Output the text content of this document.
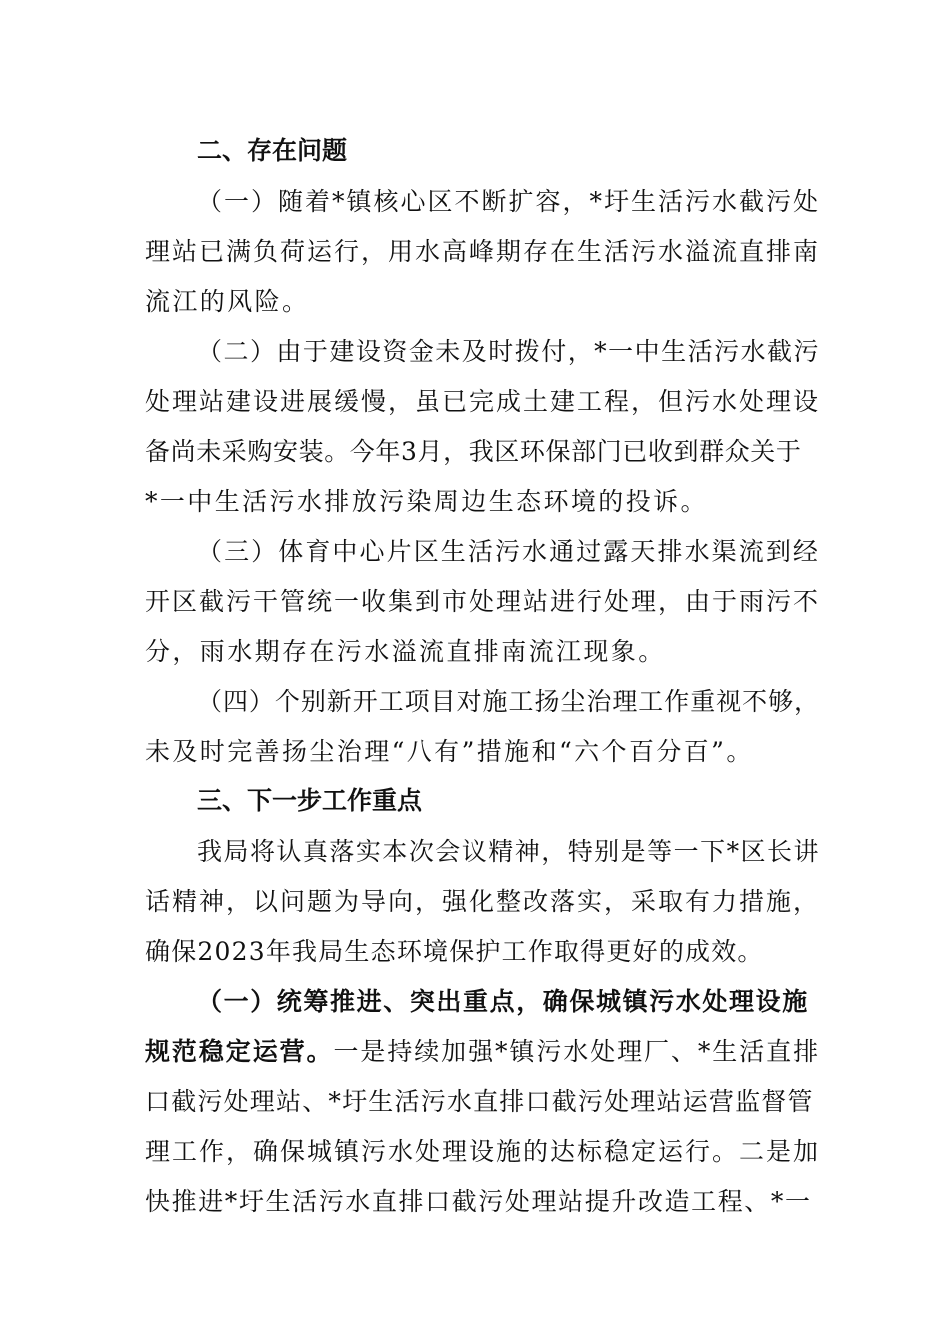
二、存在问题
（一）随着*镇核心区不断扩容，*圩生活污水截污处
理站已满负荷运行，用水高峰期存在生活污水溢流直排南
流江的风险。
（二）由于建设资金未及时拨付，*一中生活污水截污
处理站建设进展缓慢，虽已完成土建工程，但污水处理设
备尚未采购安装。今年3月，我区环保部门已收到群众关于
*一中生活污水排放污染周边生态环境的投诉。
（三）体育中心片区生活污水通过露天排水渠流到经
开区截污干管统一收集到市处理站进行处理，由于雨污不
分，雨水期存在污水溢流直排南流江现象。
（四）个别新开工项目对施工扬尘治理工作重视不够，
未及时完善扬尘治理“八有”措施和“六个百分百”。
三、下一步工作重点
我局将认真落实本次会议精神，特别是等一下*区长讲
话精神，以问题为导向，强化整改落实，采取有力措施，
确保2023年我局生态环境保护工作取得更好的成效。
（一）统筹推进、突出重点，确保城镇污水处理设施
规范稳定运营。一是持续加强*镇污水处理厂、*生活直排
口截污处理站、*圩生活污水直排口截污处理站运营监督管
理工作，确保城镇污水处理设施的达标稳定运行。二是加
快推进*圩生活污水直排口截污处理站提升改造工程、*一
